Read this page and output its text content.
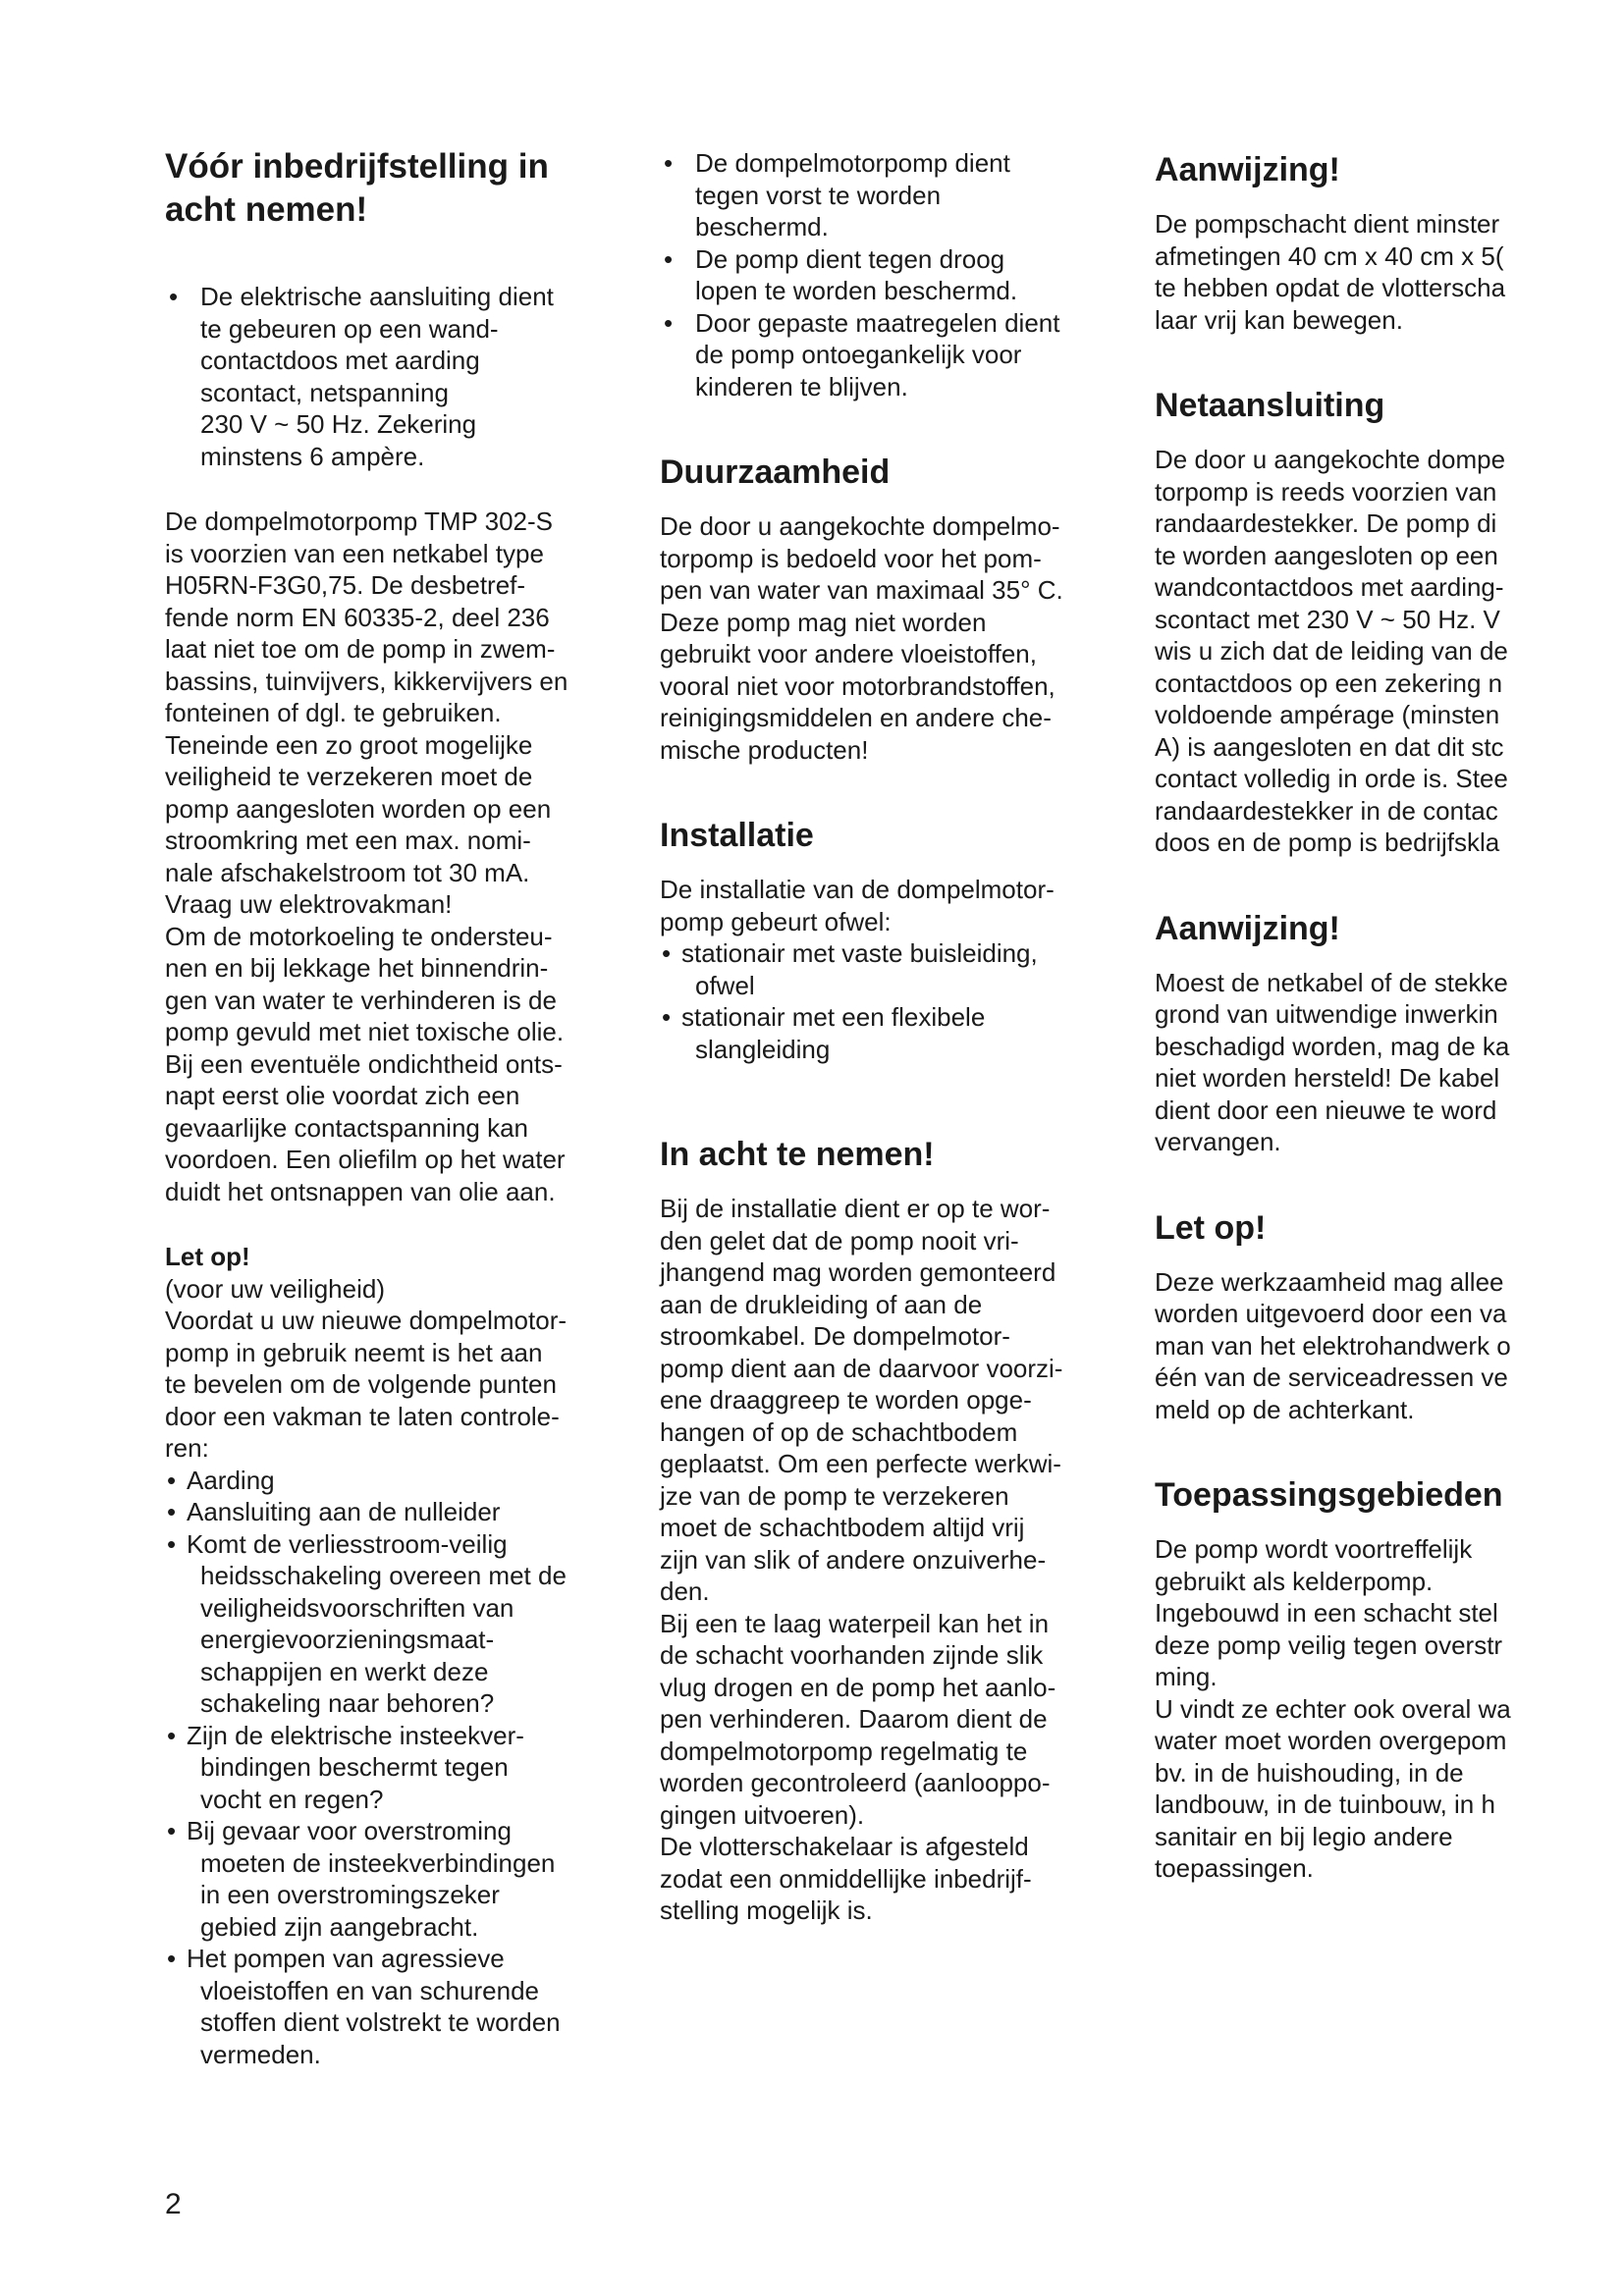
Vóór inbedrijfstelling in
acht nemen!
• De elektrische aansluiting dient
te gebeuren op een wand-
contactdoos met aarding
scontact, netspanning
230 V ~ 50 Hz. Zekering
minstens 6 ampère.

De dompelmotorpomp TMP 302-S
is voorzien van een netkabel type
H05RN-F3G0,75. De desbetref-
fende norm EN 60335-2, deel 236
laat niet toe om de pomp in zwem-
bassins, tuinvijvers, kikkervijvers en
fonteinen of dgl. te gebruiken.
Teneinde een zo groot mogelijke
veiligheid te verzekeren moet de
pomp aangesloten worden op een
stroomkring met een max. nomi-
nale afschakelstroom tot 30 mA.
Vraag uw elektrovakman!
Om de motorkoeling te ondersteu-
nen en bij lekkage het binnendrin-
gen van water te verhinderen is de
pomp gevuld met niet toxische olie.
Bij een eventuële ondichtheid onts-
napt eerst olie voordat zich een
gevaarlijke contactspanning kan
voordoen. Een oliefilm op het water
duidt het ontsnappen van olie aan.

Let op!

(voor uw veiligheid)
Voordat u uw nieuwe dompelmotor-
pomp in gebruik neemt is het aan
te bevelen om de volgende punten
door een vakman te laten controle-
ren:

• Aarding
• Aansluiting aan de nulleider
• Komt de verliesstroom-veilig
heidsschakeling overeen met de
veiligheidsvoorschriften van
energievoorzieningsmaat-
schappijen en werkt deze
schakeling naar behoren?
• Zijn de elektrische insteekver-
bindingen beschermt tegen
vocht en regen?
• Bij gevaar voor overstroming
moeten de insteekverbindingen
in een overstromingszeker
gebied zijn aangebracht.
• Het pompen van agressieve
vloeistoffen en van schurende
stoffen dient volstrekt te worden
vermeden.
• De dompelmotorpomp dient
tegen vorst te worden
beschermd.
• De pomp dient tegen droog
lopen te worden beschermd.
• Door gepaste maatregelen dient
de pomp ontoegankelijk voor
kinderen te blijven.
Duurzaamheid

De door u aangekochte dompelmo-
torpomp is bedoeld voor het pom-
pen van water van maximaal 35° C.
Deze pomp mag niet worden
gebruikt voor andere vloeistoffen,
vooral niet voor motorbrandstoffen,
reinigingsmiddelen en andere che-
mische producten!

Installatie

De installatie van de dompelmotor-
pomp gebeurt ofwel:

• stationair met vaste buisleiding,
ofwel
• stationair met een flexibele
slangleiding
In acht te nemen!

Bij de installatie dient er op te wor-
den gelet dat de pomp nooit vri-
jhangend mag worden gemonteerd
aan de drukleiding of aan de
stroomkabel. De dompelmotor-
pomp dient aan de daarvoor voorzi-
ene draaggreep te worden opge-
hangen of op de schachtbodem
geplaatst. Om een perfecte werkwi-
jze van de pomp te verzekeren
moet de schachtbodem altijd vrij
zijn van slik of andere onzuiverhe-
den.
Bij een te laag waterpeil kan het in
de schacht voorhanden zijnde slik
vlug drogen en de pomp het aanlo-
pen verhinderen. Daarom dient de
dompelmotorpomp regelmatig te
worden gecontroleerd (aanlooppo-
gingen uitvoeren).
De vlotterschakelaar is afgesteld
zodat een onmiddellijke inbedrijf-
stelling mogelijk is.

Aanwijzing!

De pompschacht dient minster
afmetingen 40 cm x 40 cm x 5(
te hebben opdat de vlotterscha
laar vrij kan bewegen.

Netaansluiting

De door u aangekochte dompe
torpomp is reeds voorzien van
randaardestekker. De pomp di
te worden aangesloten op een
wandcontactdoos met aarding-
scontact met 230 V ~ 50 Hz. V
wis u zich dat de leiding van de
contactdoos op een zekering n
voldoende ampérage (minsten
A) is aangesloten en dat dit stc
contact volledig in orde is. Stee
randaardestekker in de contac
doos en de pomp is bedrijfskla

Aanwijzing!

Moest de netkabel of de stekke
grond van uitwendige inwerkin
beschadigd worden, mag de ka
niet worden hersteld! De kabel
dient door een nieuwe te word
vervangen.

Let op!

Deze werkzaamheid mag allee
worden uitgevoerd door een va
man van het elektrohandwerk o
één van de serviceadressen ve
meld op de achterkant.

Toepassingsgebieden

De pomp wordt voortreffelijk
gebruikt als kelderpomp.
Ingebouwd in een schacht stel
deze pomp veilig tegen overstr
ming.
U vindt ze echter ook overal wa
water moet worden overgepom
bv. in de huishouding, in de
landbouw, in de tuinbouw, in h
sanitair en bij legio andere
toepassingen.

2
